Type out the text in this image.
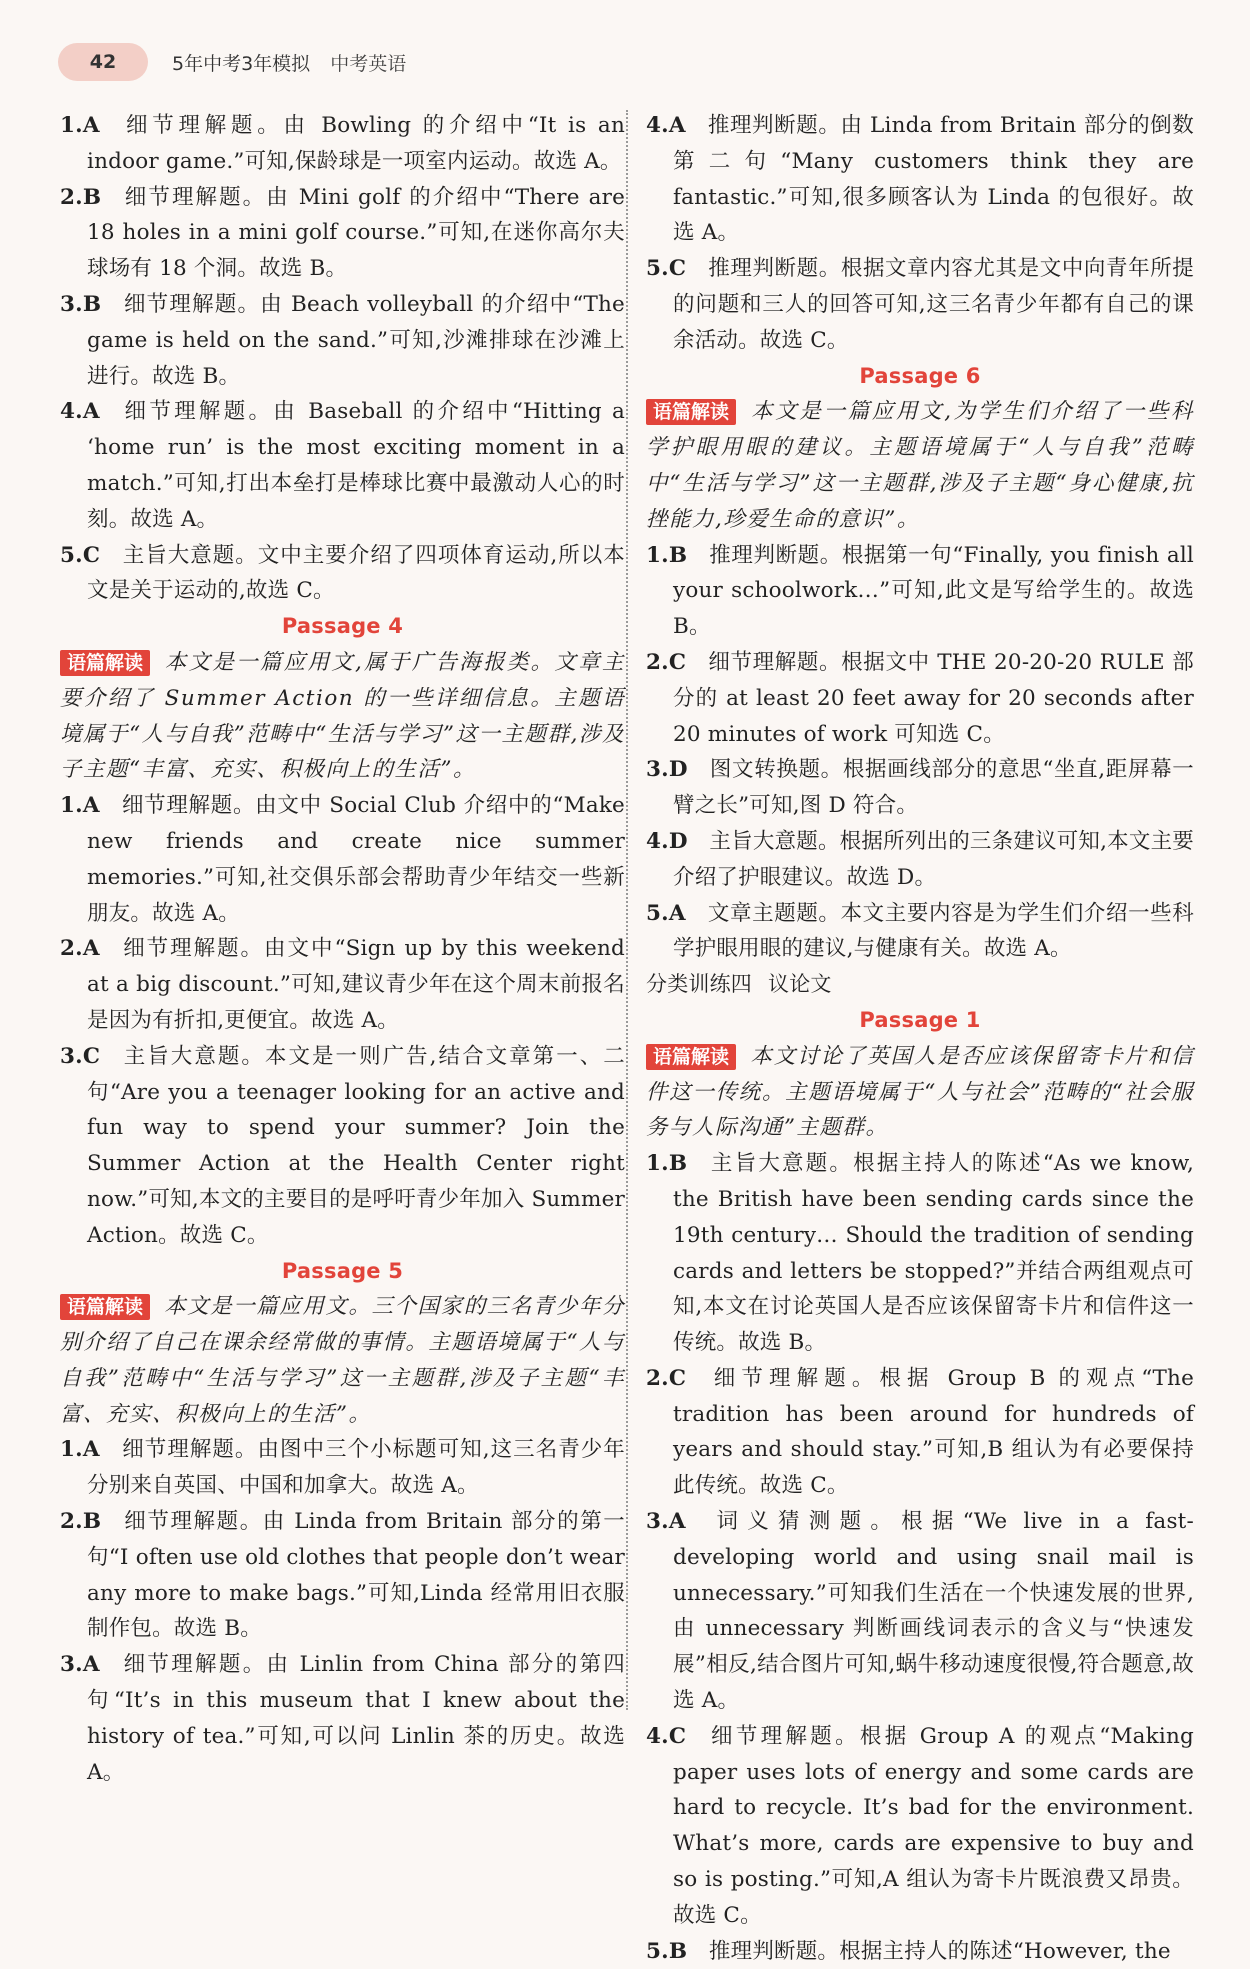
42	5年中考3年模拟 中考英语

1.A  细节理解题。由 Bowling 的介绍中“It is an indoor game.”可知,保龄球是一项室内运动。故选 A。

2.B  细节理解题。由 Mini golf 的介绍中“There are 18 holes in a mini golf course.”可知,在迷你高尔夫球场有 18 个洞。故选 B。

3.B  细节理解题。由 Beach volleyball 的介绍中“The game is held on the sand.”可知,沙滩排球在沙滩上进行。故选 B。

4.A  细节理解题。由 Baseball 的介绍中“Hitting a ‘home run’ is the most exciting moment in a match.”可知,打出本垒打是棒球比赛中最激动人心的时刻。故选 A。

5.C  主旨大意题。文中主要介绍了四项体育运动,所以本文是关于运动的,故选 C。

Passage 4

语篇解读 本文是一篇应用文,属于广告海报类。文章主要介绍了 Summer Action 的一些详细信息。主题语境属于“人与自我”范畴中“生活与学习”这一主题群,涉及子主题“丰富、充实、积极向上的生活”。

1.A  细节理解题。由文中 Social Club 介绍中的“Make new friends and create nice summer memories.”可知,社交俱乐部会帮助青少年结交一些新朋友。故选 A。

2.A  细节理解题。由文中“Sign up by this weekend at a big discount.”可知,建议青少年在这个周末前报名是因为有折扣,更便宜。故选 A。

3.C  主旨大意题。本文是一则广告,结合文章第一、二句“Are you a teenager looking for an active and fun way to spend your summer? Join the Summer Action at the Health Center right now.”可知,本文的主要目的是呼吁青少年加入 Summer Action。故选 C。

Passage 5

语篇解读 本文是一篇应用文。三个国家的三名青少年分别介绍了自己在课余经常做的事情。主题语境属于“人与自我”范畴中“生活与学习”这一主题群,涉及子主题“丰富、充实、积极向上的生活”。

1.A  细节理解题。由图中三个小标题可知,这三名青少年分别来自英国、中国和加拿大。故选 A。

2.B  细节理解题。由 Linda from Britain 部分的第一句“I often use old clothes that people don’t wear any more to make bags.”可知,Linda 经常用旧衣服制作包。故选 B。

3.A  细节理解题。由 Linlin from China 部分的第四句“It’s in this museum that I knew about the history of tea.”可知,可以问 Linlin 茶的历史。故选 A。

4.A  推理判断题。由 Linda from Britain 部分的倒数第二句“Many customers think they are fantastic.”可知,很多顾客认为 Linda 的包很好。故选 A。

5.C  推理判断题。根据文章内容尤其是文中向青年所提的问题和三人的回答可知,这三名青少年都有自己的课余活动。故选 C。

Passage 6

语篇解读 本文是一篇应用文,为学生们介绍了一些科学护眼用眼的建议。主题语境属于“人与自我”范畴中“生活与学习”这一主题群,涉及子主题“身心健康,抗挫能力,珍爱生命的意识”。

1.B  推理判断题。根据第一句“Finally, you finish all your schoolwork…”可知,此文是写给学生的。故选 B。

2.C  细节理解题。根据文中 THE 20-20-20 RULE 部分的 at least 20 feet away for 20 seconds after 20 minutes of work 可知选 C。

3.D  图文转换题。根据画线部分的意思“坐直,距屏幕一臂之长”可知,图 D 符合。

4.D  主旨大意题。根据所列出的三条建议可知,本文主要介绍了护眼建议。故选 D。

5.A  文章主题题。本文主要内容是为学生们介绍一些科学护眼用眼的建议,与健康有关。故选 A。

分类训练四 议论文

Passage 1

语篇解读 本文讨论了英国人是否应该保留寄卡片和信件这一传统。主题语境属于“人与社会”范畴的“社会服务与人际沟通”主题群。

1.B  主旨大意题。根据主持人的陈述“As we know, the British have been sending cards since the 19th century… Should the tradition of sending cards and letters be stopped?”并结合两组观点可知,本文在讨论英国人是否应该保留寄卡片和信件这一传统。故选 B。

2.C  细节理解题。根据 Group B 的观点“The tradition has been around for hundreds of years and should stay.”可知,B 组认为有必要保持此传统。故选 C。

3.A  词义猜测题。根据“We live in a fast-developing world and using snail mail is unnecessary.”可知我们生活在一个快速发展的世界,由 unnecessary 判断画线词表示的含义与“快速发展”相反,结合图片可知,蜗牛移动速度很慢,符合题意,故选 A。

4.C  细节理解题。根据 Group A 的观点“Making paper uses lots of energy and some cards are hard to recycle. It’s bad for the environment. What’s more, cards are expensive to buy and so is posting.”可知,A 组认为寄卡片既浪费又昂贵。故选 C。

5.B  推理判断题。根据主持人的陈述“However, the
